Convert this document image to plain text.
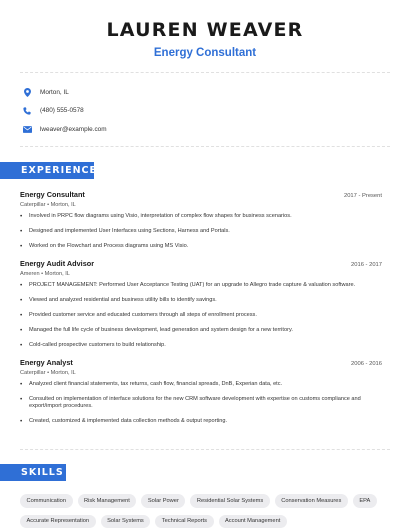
LAUREN WEAVER
Energy Consultant
Morton, IL
(480) 555-0578
lweaver@example.com
EXPERIENCE
Energy Consultant	2017 - Present
Caterpillar • Morton, IL
• Involved in PRPC flow diagrams using Visio, interpretation of complex flow shapes for business scenarios.
• Designed and implemented User Interfaces using Sections, Harness and Portals.
• Worked on the Flowchart and Process diagrams using MS Visio.
Energy Audit Advisor	2016 - 2017
Ameren • Morton, IL
• PROJECT MANAGEMENT: Performed User Acceptance Testing (UAT) for an upgrade to Allegro trade capture & valuation software.
• Viewed and analyzed residential and business utility bills to identify savings.
• Provided customer service and educated customers through all steps of enrollment process.
• Managed the full life cycle of business development, lead generation and system design for a new territory.
• Cold-called prospective customers to build relationship.
Energy Analyst	2006 - 2016
Caterpillar • Morton, IL
• Analyzed client financial statements, tax returns, cash flow, financial spreads, DnB, Experian data, etc.
• Consulted on implementation of interface solutions for the new CRM software development with expertise on customs compliance and export/import procedures.
• Created, customized & implemented data collection methods & output reporting.
SKILLS
Communication	Risk Management	Solar Power	Residential Solar Systems	Conservation Measures	EPA
Accurate Representation	Solar Systems	Technical Reports	Account Management
